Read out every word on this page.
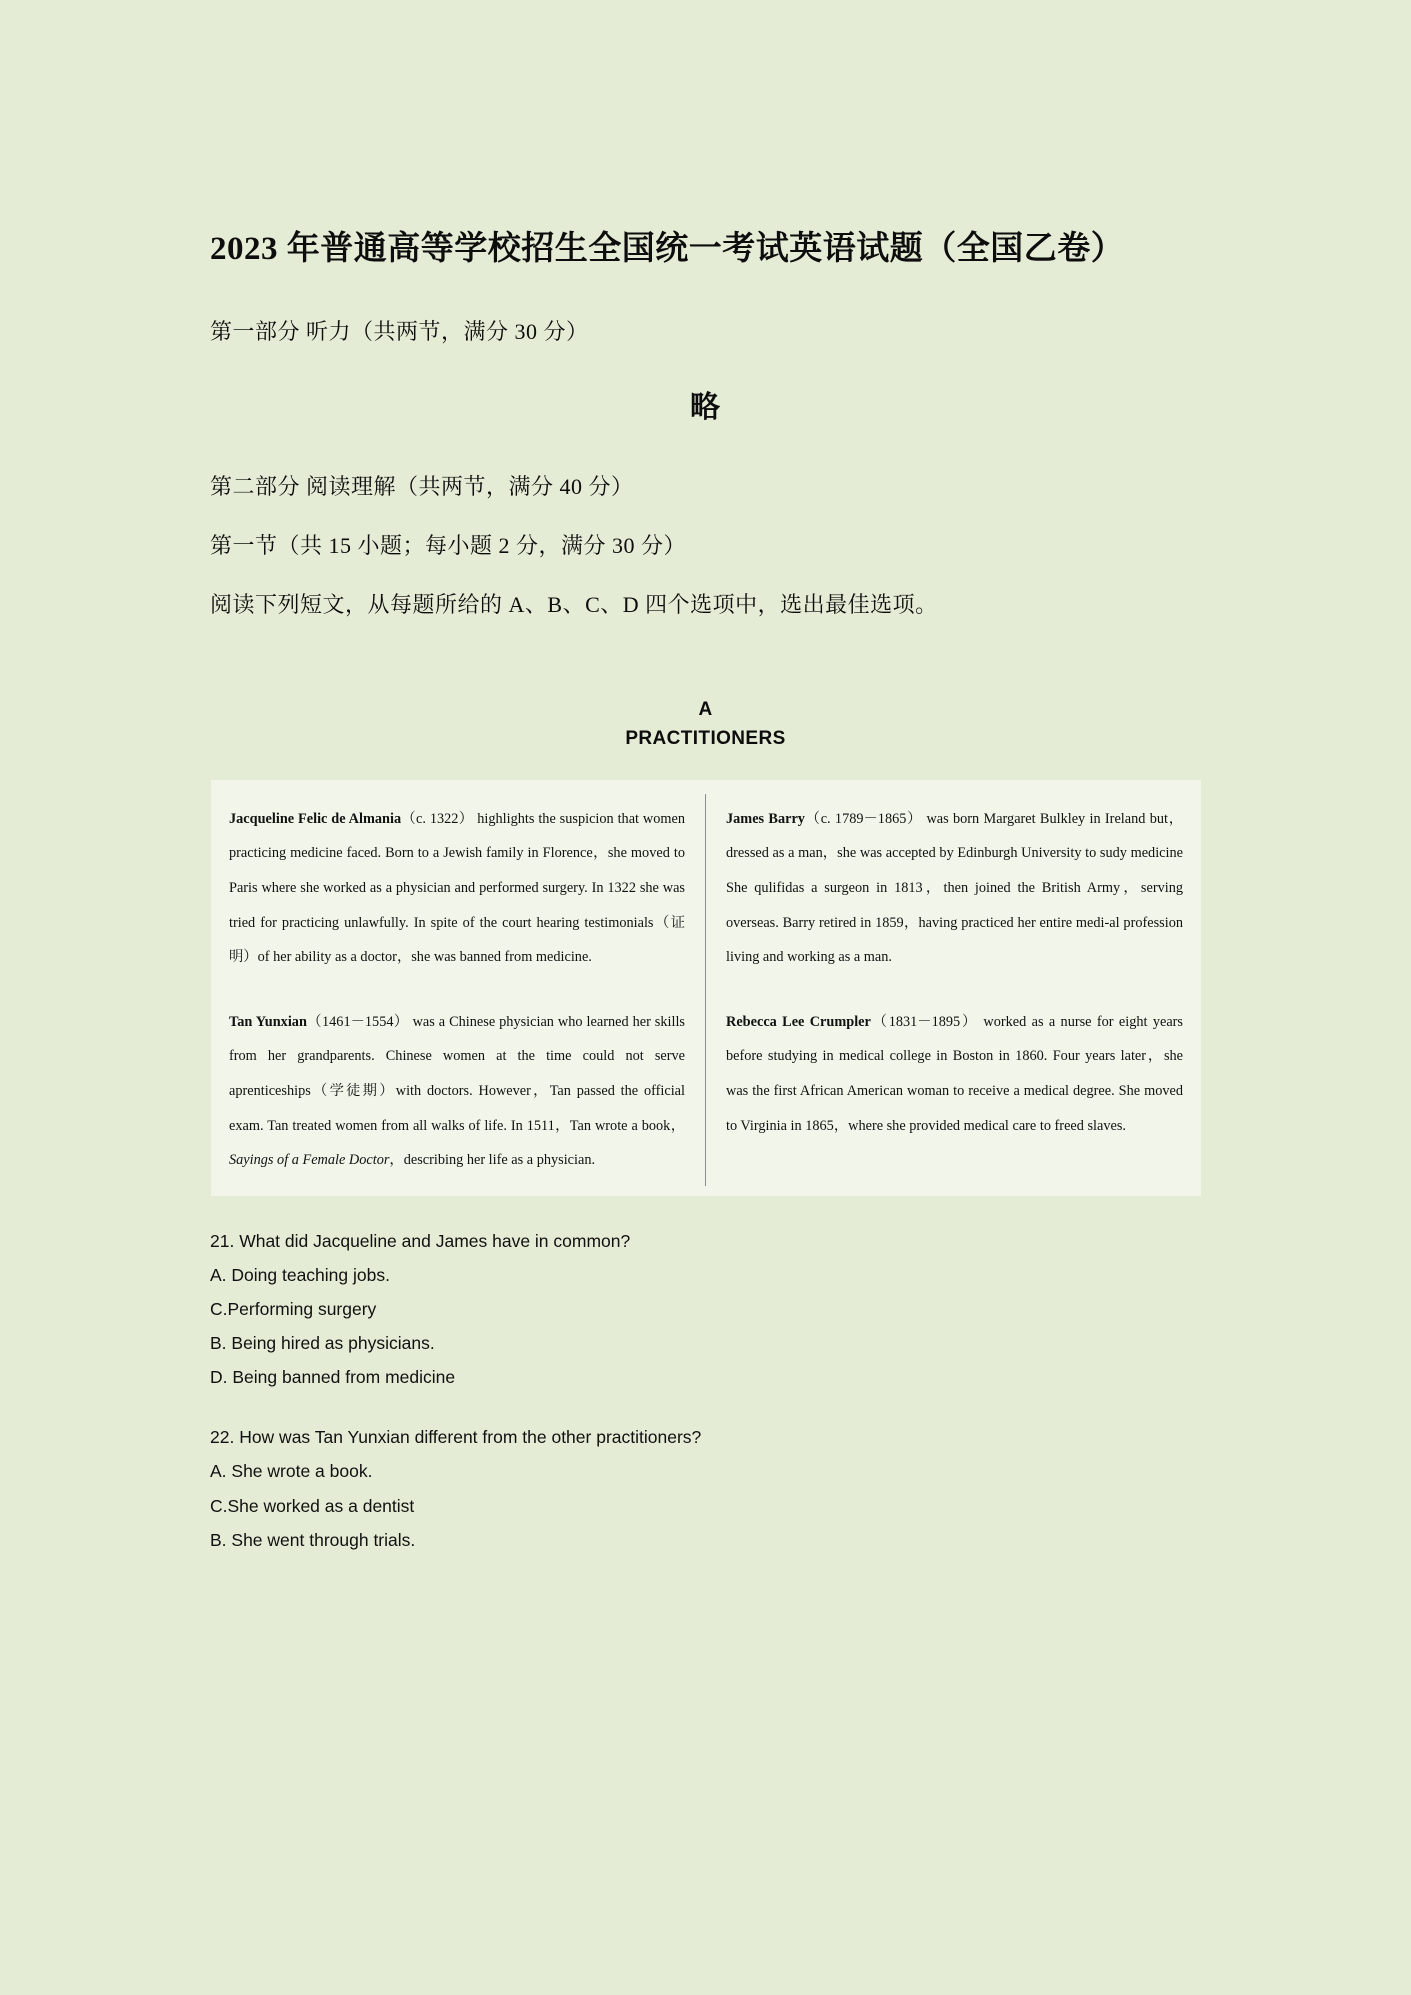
2023 年普通高等学校招生全国统一考试英语试题（全国乙卷）
第一部分 听力（共两节，满分 30 分）
略
第二部分 阅读理解（共两节，满分 40 分）
第一节（共 15 小题；每小题 2 分，满分 30 分）
阅读下列短文，从每题所给的 A、B、C、D 四个选项中，选出最佳选项。
A
PRACTITIONERS
Jacqueline Felic de Almania（c. 1322） highlights the suspicion that women practicing medicine faced. Born to a Jewish family in Florence，she moved to Paris where she worked as a physician and performed surgery. In 1322 she was tried for practicing unlawfully. In spite of the court hearing testimonials（证明）of her ability as a doctor，she was banned from medicine.
Tan Yunxian（1461－1554） was a Chinese physician who learned her skills from her grandparents. Chinese women at the time could not serve aprenticeships（学徒期）with doctors. However，Tan passed the official exam. Tan treated women from all walks of life. In 1511，Tan wrote a book，Sayings of a Female Doctor，describing her life as a physician.
James Barry（c. 1789－1865） was born Margaret Bulkley in Ireland but，dressed as a man，she was accepted by Edinburgh University to sudy medicine She qulifidas a surgeon in 1813，then joined the British Army，serving overseas. Barry retired in 1859，having practiced her entire medi-al profession living and working as a man.
Rebecca Lee Crumpler（1831－1895） worked as a nurse for eight years before studying in medical college in Boston in 1860. Four years later，she was the first African American woman to receive a medical degree. She moved to Virginia in 1865，where she provided medical care to freed slaves.
21. What did Jacqueline and James have in common?
A. Doing teaching jobs.
C.Performing surgery
B. Being hired as physicians.
D. Being banned from medicine
22. How was Tan Yunxian different from the other practitioners?
A. She wrote a book.
C.She worked as a dentist
B. She went through trials.
